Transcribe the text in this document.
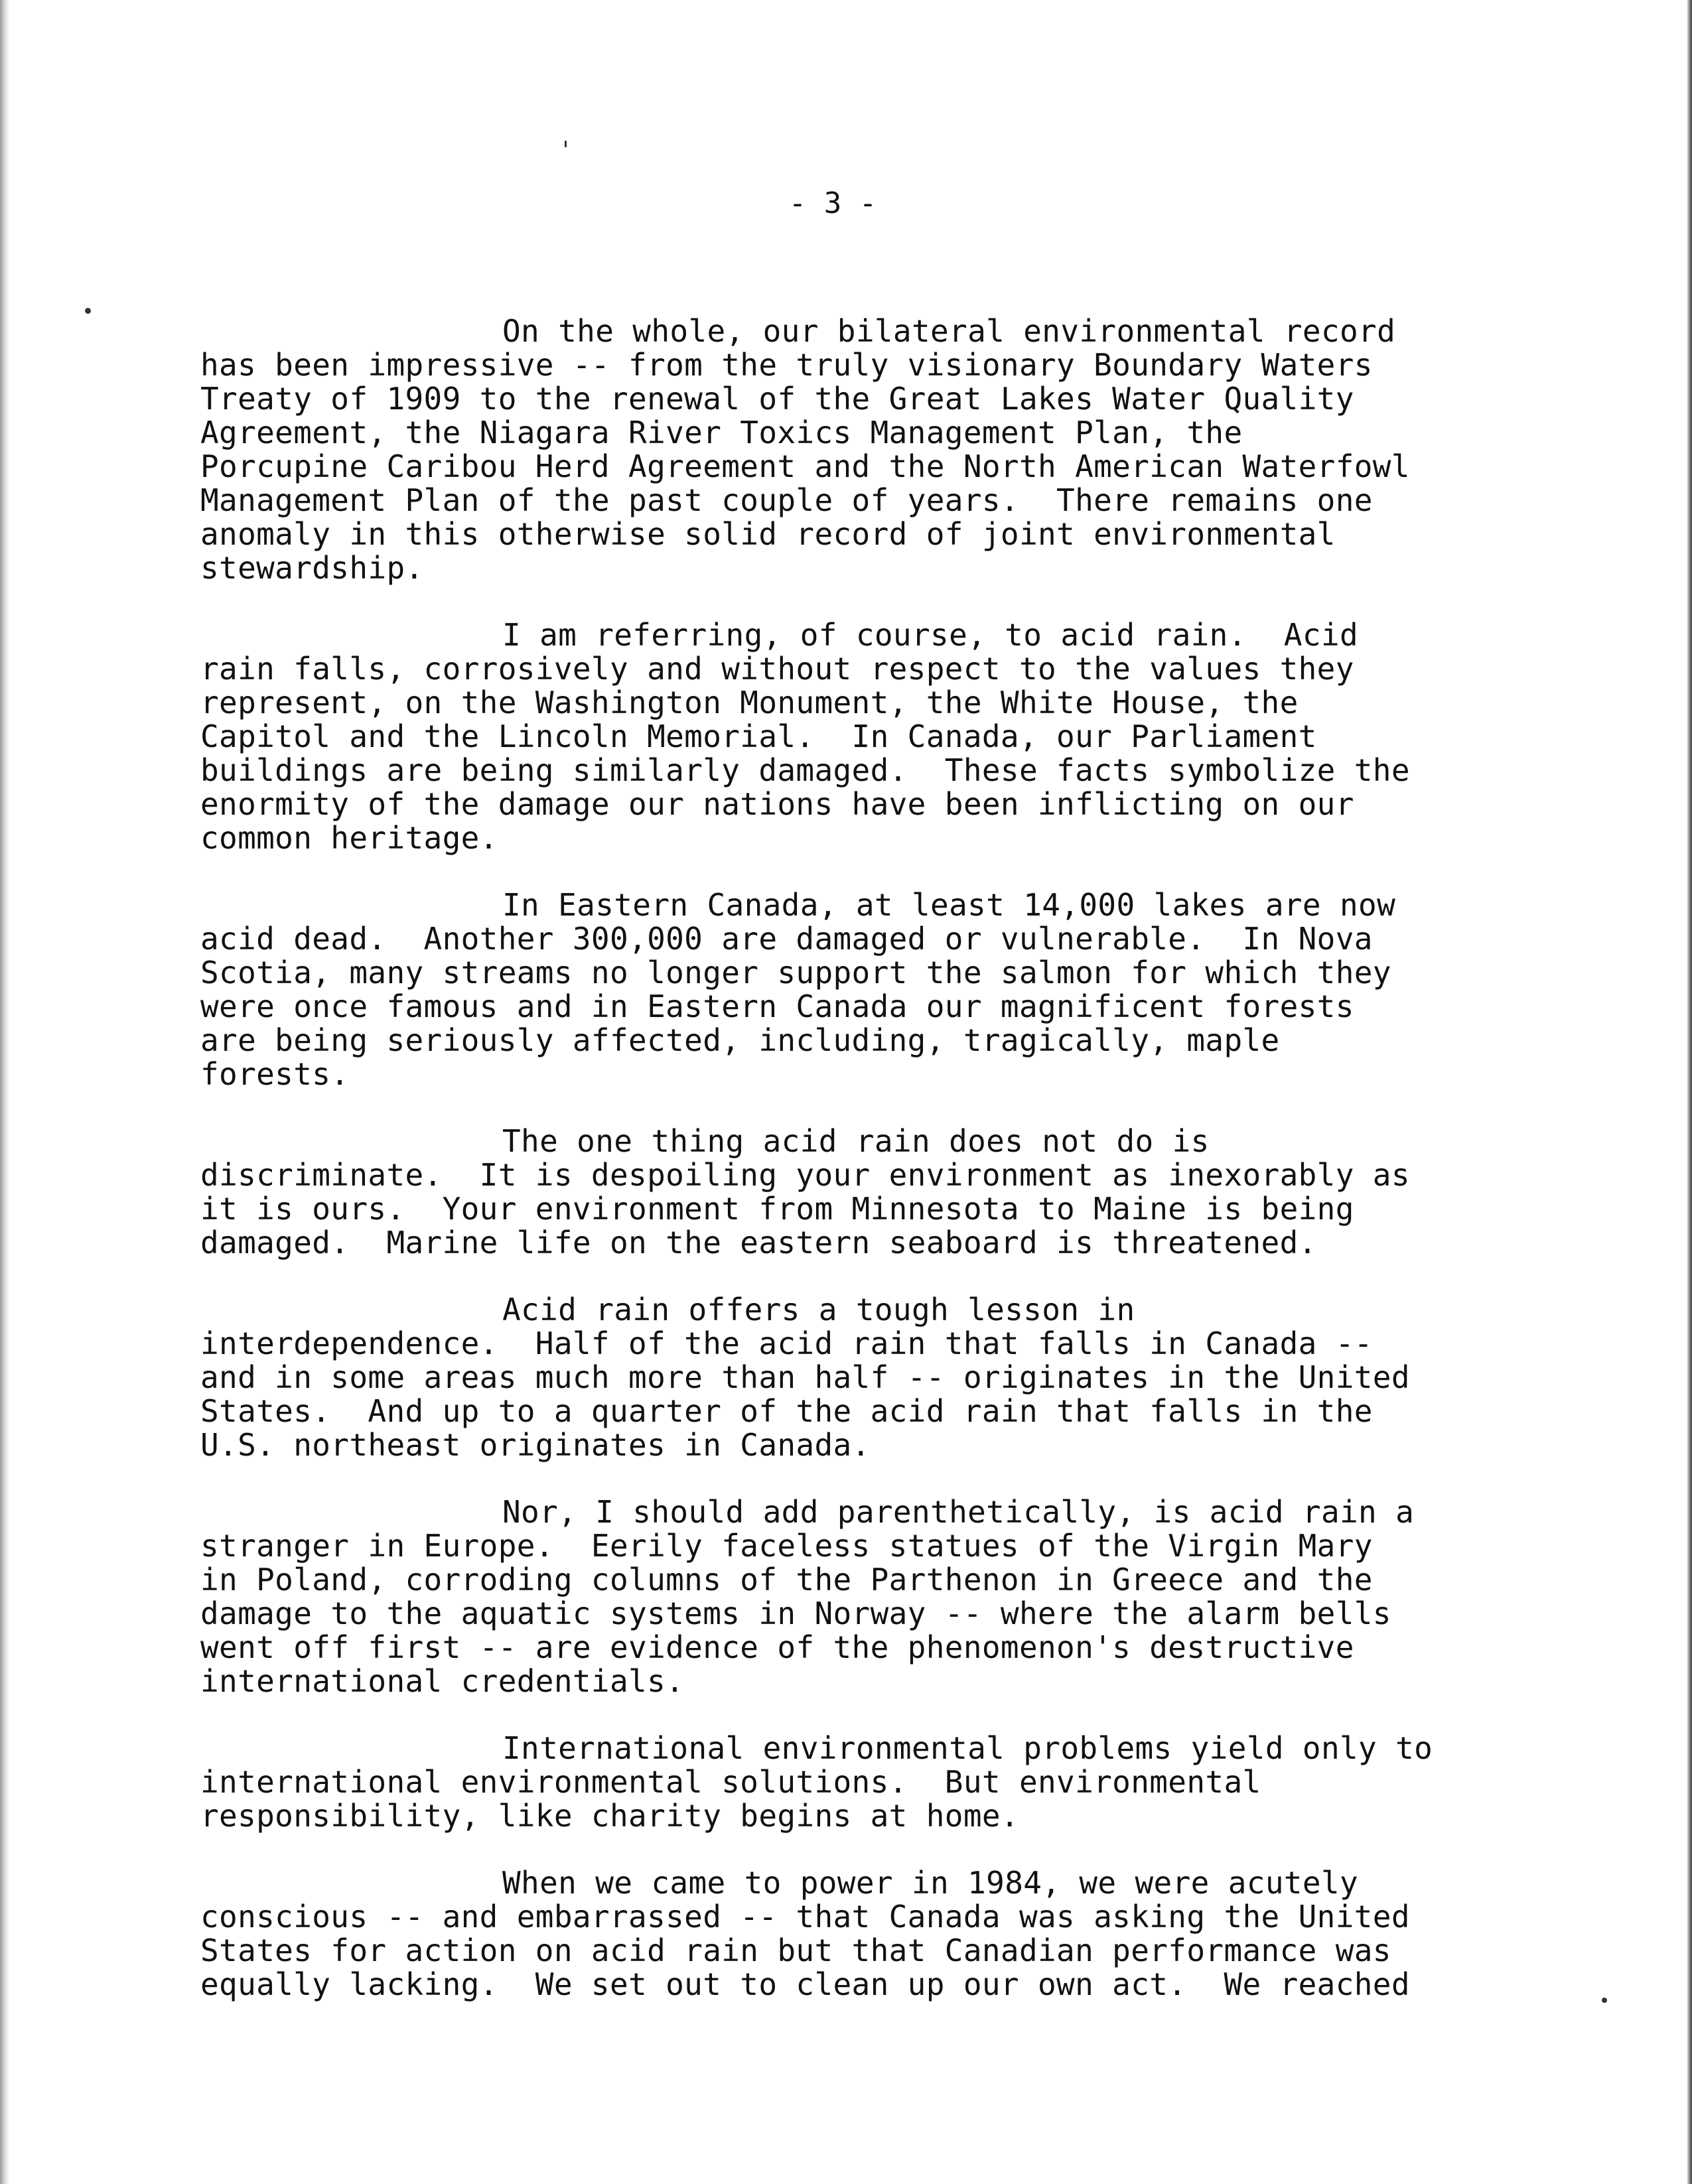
- 3 -
On the whole, our bilateral environmental record
has been impressive -- from the truly visionary Boundary Waters
Treaty of 1909 to the renewal of the Great Lakes Water Quality
Agreement, the Niagara River Toxics Management Plan, the
Porcupine Caribou Herd Agreement and the North American Waterfowl
Management Plan of the past couple of years.  There remains one
anomaly in this otherwise solid record of joint environmental
stewardship.
I am referring, of course, to acid rain.  Acid
rain falls, corrosively and without respect to the values they
represent, on the Washington Monument, the White House, the
Capitol and the Lincoln Memorial.  In Canada, our Parliament
buildings are being similarly damaged.  These facts symbolize the
enormity of the damage our nations have been inflicting on our
common heritage.
In Eastern Canada, at least 14,000 lakes are now
acid dead.  Another 300,000 are damaged or vulnerable.  In Nova
Scotia, many streams no longer support the salmon for which they
were once famous and in Eastern Canada our magnificent forests
are being seriously affected, including, tragically, maple
forests.
The one thing acid rain does not do is
discriminate.  It is despoiling your environment as inexorably as
it is ours.  Your environment from Minnesota to Maine is being
damaged.  Marine life on the eastern seaboard is threatened.
Acid rain offers a tough lesson in
interdependence.  Half of the acid rain that falls in Canada --
and in some areas much more than half -- originates in the United
States.  And up to a quarter of the acid rain that falls in the
U.S. northeast originates in Canada.
Nor, I should add parenthetically, is acid rain a
stranger in Europe.  Eerily faceless statues of the Virgin Mary
in Poland, corroding columns of the Parthenon in Greece and the
damage to the aquatic systems in Norway -- where the alarm bells
went off first -- are evidence of the phenomenon's destructive
international credentials.
International environmental problems yield only to
international environmental solutions.  But environmental
responsibility, like charity begins at home.
When we came to power in 1984, we were acutely
conscious -- and embarrassed -- that Canada was asking the United
States for action on acid rain but that Canadian performance was
equally lacking.  We set out to clean up our own act.  We reached
